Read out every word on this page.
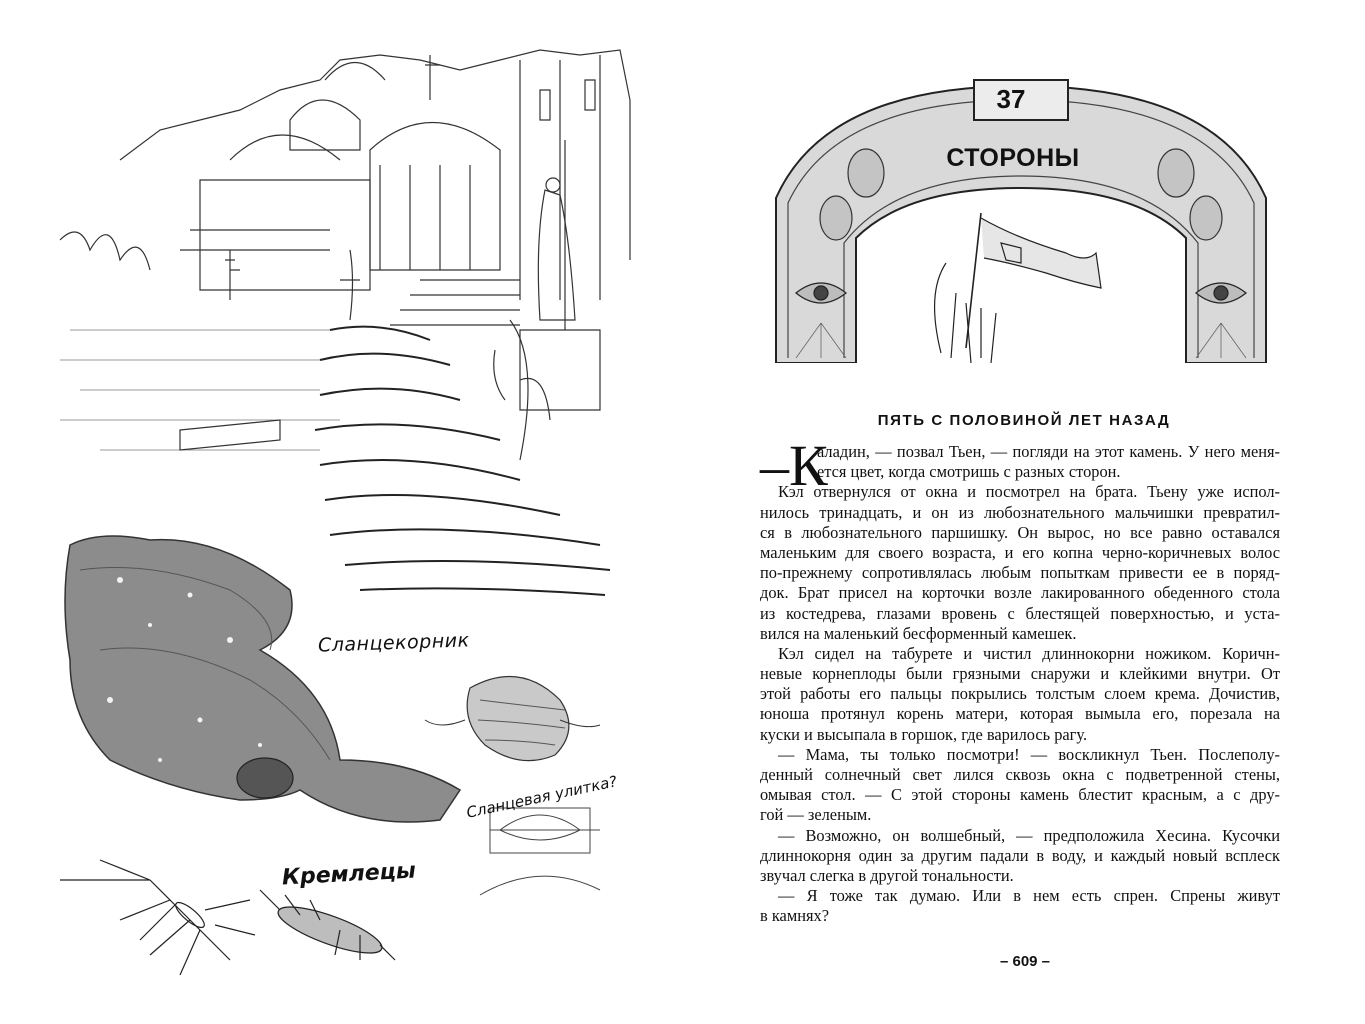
Сланцекорник
Сланцевая улитка?
Кремлецы
37
СТОРОНЫ
ПЯТЬ С ПОЛОВИНОЙ ЛЕТ НАЗАД
–К
аладин, — позвал Тьен, — погляди на этот камень. У него меня-
ется цвет, когда смотришь с разных сторон.
Кэл отвернулся от окна и посмотрел на брата. Тьену уже испол-
нилось тринадцать, и он из любознательного мальчишки превратил-
ся в любознательного паршишку. Он вырос, но все равно оставался
маленьким для своего возраста, и его копна черно-коричневых волос
по-прежнему сопротивлялась любым попыткам привести ее в поряд-
док. Брат присел на корточки возле лакированного обеденного стола
из костедрева, глазами вровень с блестящей поверхностью, и уста-
вился на маленький бесформенный камешек.
Кэл сидел на табурете и чистил длиннокорни ножиком. Коричн-
невые корнеплоды были грязными снаружи и клейкими внутри. От
этой работы его пальцы покрылись толстым слоем крема. Дочистив,
юноша протянул корень матери, которая вымыла его, порезала на
куски и высыпала в горшок, где варилось рагу.
— Мама, ты только посмотри! — воскликнул Тьен. Послеполу-
денный солнечный свет лился сквозь окна с подветренной стены,
омывая стол. — С этой стороны камень блестит красным, а с дру-
гой — зеленым.
— Возможно, он волшебный, — предположила Хесина. Кусочки
длиннокорня один за другим падали в воду, и каждый новый всплеск
звучал слегка в другой тональности.
— Я тоже так думаю. Или в нем есть спрен. Спрены живут
в камнях?
– 609 –
